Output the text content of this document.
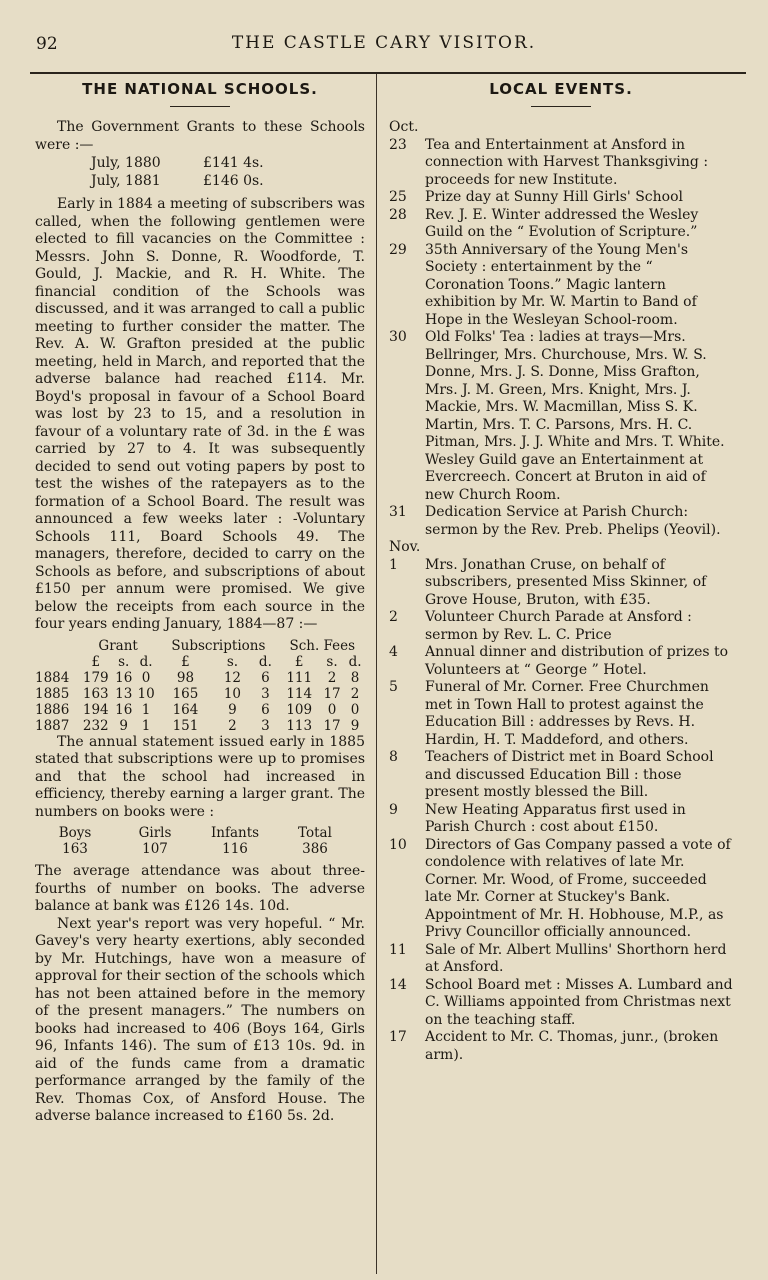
92	THE CASTLE CARY VISITOR.
THE NATIONAL SCHOOLS.

The Government Grants to these Schools were :—

July, 1880	£141 4s.
July, 1881	£146 0s.

Early in 1884 a meeting of subscribers was called, when the following gentlemen were elected to fill vacancies on the Committee : Messrs. John S. Donne, R. Woodforde, T. Gould, J. Mackie, and R. H. White. The financial condition of the Schools was discussed, and it was arranged to call a public meeting to further consider the matter. The Rev. A. W. Grafton presided at the public meeting, held in March, and reported that the adverse balance had reached £114. Mr. Boyd's proposal in favour of a School Board was lost by 23 to 15, and a resolution in favour of a voluntary rate of 3d. in the £ was carried by 27 to 4. It was subsequently decided to send out voting papers by post to test the wishes of the ratepayers as to the formation of a School Board. The result was announced a few weeks later : -Voluntary Schools 111, Board Schools 49. The managers, therefore, decided to carry on the Schools as before, and subscriptions of about £150 per annum were promised. We give below the receipts from each source in the four years ending January, 1884—87 :—

	Grant			Subscriptions			Sch. Fees		
	£	s.	d.	£	s.	d.	£	s.	d.
1884	179	16	0	98	12	6	111	2	8
1885	163	13	10	165	10	3	114	17	2
1886	194	16	1	164	9	6	109	0	0
1887	232	9	1	151	2	3	113	17	9

The annual statement issued early in 1885 stated that subscriptions were up to promises and that the school had increased in efficiency, thereby earning a larger grant. The numbers on books were :

Boys	Girls	Infants	Total
163	107	116	386

The average attendance was about three-fourths of number on books. The adverse balance at bank was £126 14s. 10d.

Next year's report was very hopeful. “ Mr. Gavey's very hearty exertions, ably seconded by Mr. Hutchings, have won a measure of approval for their section of the schools which has not been attained before in the memory of the present managers.” The numbers on books had increased to 406 (Boys 164, Girls 96, Infants 146). The sum of £13 10s. 9d. in aid of the funds came from a dramatic performance arranged by the family of the Rev. Thomas Cox, of Ansford House. The adverse balance increased to £160 5s. 2d.

LOCAL EVENTS.
Oct.
23	Tea and Entertainment at Ansford in connection with Harvest Thanksgiving : proceeds for new Institute.
25	Prize day at Sunny Hill Girls' School
28	Rev. J. E. Winter addressed the Wesley Guild on the “ Evolution of Scripture.”
29	35th Anniversary of the Young Men's Society : entertainment by the “ Coronation Toons.” Magic lantern exhibition by Mr. W. Martin to Band of Hope in the Wesleyan School-room.
30	Old Folks' Tea : ladies at trays—Mrs. Bellringer, Mrs. Churchouse, Mrs. W. S. Donne, Mrs. J. S. Donne, Miss Grafton, Mrs. J. M. Green, Mrs. Knight, Mrs. J. Mackie, Mrs. W. Macmillan, Miss S. K. Martin, Mrs. T. C. Parsons, Mrs. H. C. Pitman, Mrs. J. J. White and Mrs. T. White. Wesley Guild gave an Entertainment at Evercreech. Concert at Bruton in aid of new Church Room.
31	Dedication Service at Parish Church: sermon by the Rev. Preb. Phelips (Yeovil).
Nov.
1	Mrs. Jonathan Cruse, on behalf of subscribers, presented Miss Skinner, of Grove House, Bruton, with £35.
2	Volunteer Church Parade at Ansford : sermon by Rev. L. C. Price
4	Annual dinner and distribution of prizes to Volunteers at “ George ” Hotel.
5	Funeral of Mr. Corner. Free Churchmen met in Town Hall to protest against the Education Bill : addresses by Revs. H. Hardin, H. T. Maddeford, and others.
8	Teachers of District met in Board School and discussed Education Bill : those present mostly blessed the Bill.
9	New Heating Apparatus first used in Parish Church : cost about £150.
10	Directors of Gas Company passed a vote of condolence with relatives of late Mr. Corner. Mr. Wood, of Frome, succeeded late Mr. Corner at Stuckey's Bank. Appointment of Mr. H. Hobhouse, M.P., as Privy Councillor officially announced.
11	Sale of Mr. Albert Mullins' Shorthorn herd at Ansford.
14	School Board met : Misses A. Lumbard and C. Williams appointed from Christmas next on the teaching staff.
17	Accident to Mr. C. Thomas, junr., (broken arm).
